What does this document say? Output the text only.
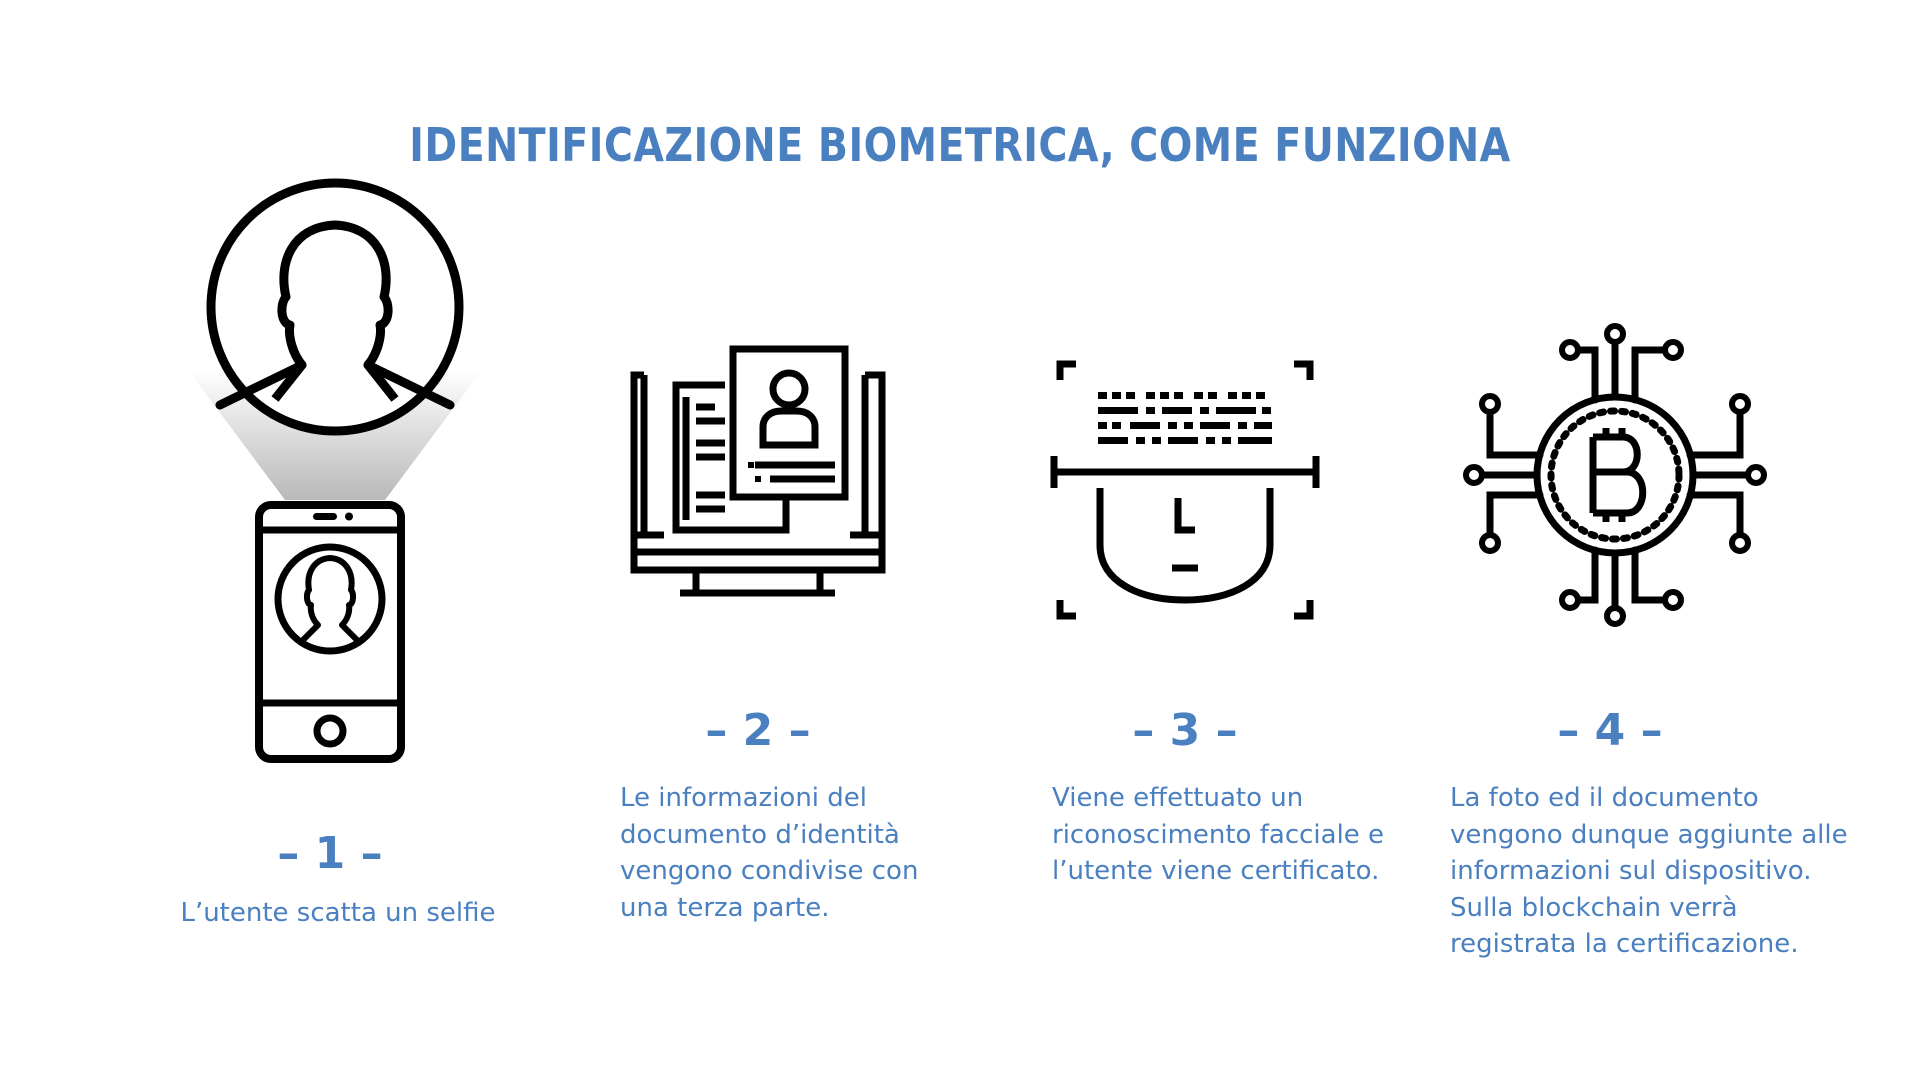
IDENTIFICAZIONE BIOMETRICA, COME FUNZIONA
– 1 –
– 2 –	– 3 –	– 4 –
L’utente scatta un selfie
Le informazioni del
documento d’identità
vengono condivise con
una terza parte.
Viene effettuato un
riconoscimento facciale e
l’utente viene certificato.
La foto ed il documento
vengono dunque aggiunte alle
informazioni sul dispositivo.
Sulla blockchain verrà
registrata la certificazione.
